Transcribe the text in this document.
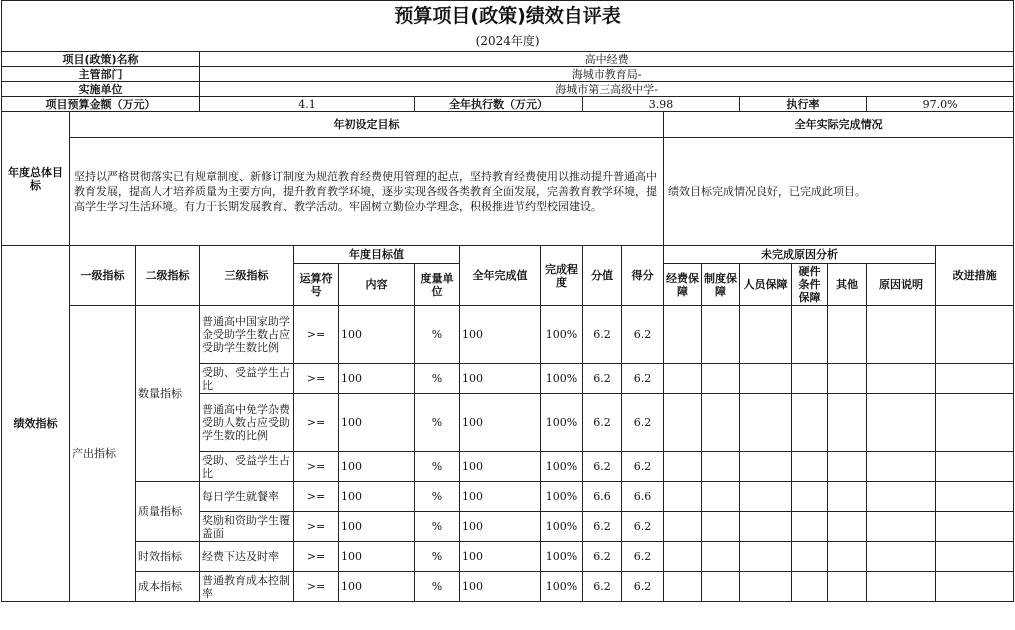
预算项目(政策)绩效自评表																	
(2024年度)																	
项目(政策)名称			高中经费														
主管部门			海城市教育局-														
实施单位			海城市第三高级中学-														
项目预算金额（万元）			4.1			全年执行数（万元）			3.98				执行率			97.0%	
年度总体目标	年初设定目标										全年实际完成情况						
	坚持以严格贯彻落实已有规章制度、新修订制度为规范教育经费使用管理的起点，坚持教育经费使用以推动提升普通高中教育发展，提高人才培养质量为主要方向，提升教育教学环境，逐步实现各级各类教育全面发展，完善教育教学环境，提高学生学习生活环境。有力于长期发展教育、教学活动。牢固树立勤俭办学理念，积极推进节约型校园建设。										绩效目标完成情况良好，已完成此项目。						
绩效指标	一级指标	二级指标	三级指标	年度目标值			全年完成值	完成程度	分值	得分	未完成原因分析						改进措施
				运算符号	内容	度量单位					经费保障	制度保障	人员保障	硬件条件保障	其他	原因说明	
	产出指标	数量指标	普通高中国家助学金受助学生数占应受助学生数比例	>=	100	%	100	100%	6.2	6.2							
			受助、受益学生占比	>=	100	%	100	100%	6.2	6.2							
			普通高中免学杂费受助人数占应受助学生数的比例	>=	100	%	100	100%	6.2	6.2							
			受助、受益学生占比	>=	100	%	100	100%	6.2	6.2							
		质量指标	每日学生就餐率	>=	100	%	100	100%	6.6	6.6							
			奖励和资助学生覆盖面	>=	100	%	100	100%	6.2	6.2							
		时效指标	经费下达及时率	>=	100	%	100	100%	6.2	6.2							
		成本指标	普通教育成本控制率	>=	100	%	100	100%	6.2	6.2							
